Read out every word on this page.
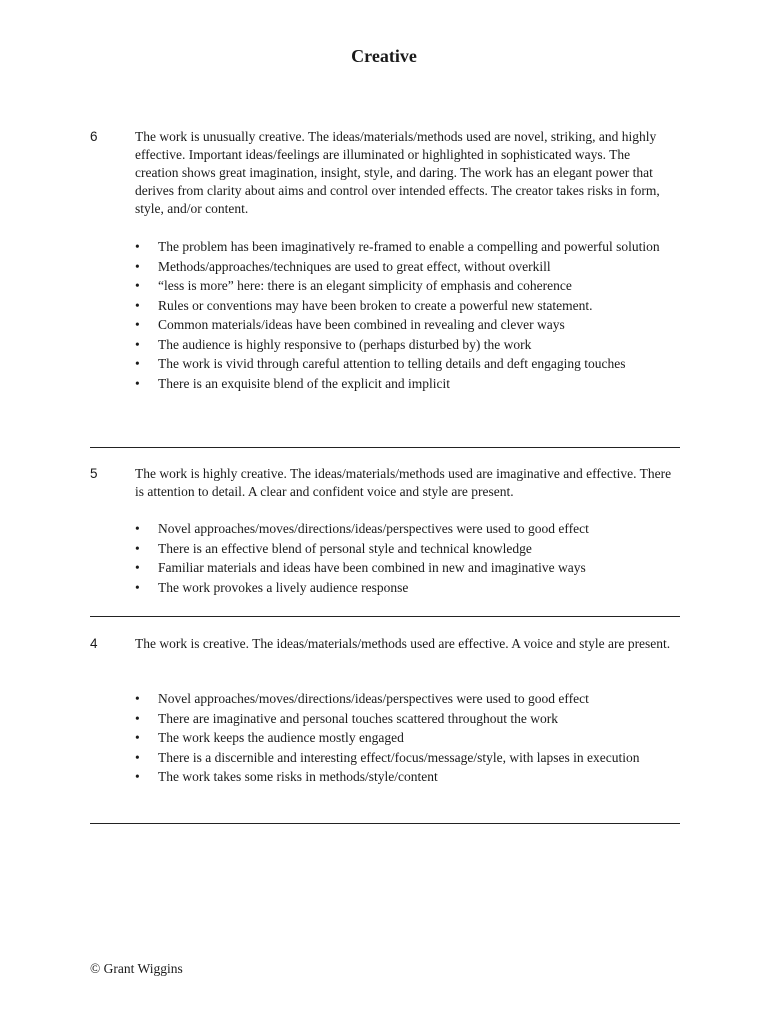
Creative
6	The work is unusually creative. The ideas/materials/methods used are novel, striking, and highly effective. Important ideas/feelings are illuminated or highlighted in sophisticated ways. The creation shows great imagination, insight, style, and daring. The work has an elegant power that derives from clarity about aims and control over intended effects. The creator takes risks in form, style, and/or content.

• The problem has been imaginatively re-framed to enable a compelling and powerful solution
• Methods/approaches/techniques are used to great effect, without overkill
• “less is more” here: there is an elegant simplicity of emphasis and coherence
• Rules or conventions may have been broken to create a powerful new statement.
• Common materials/ideas have been combined in revealing and clever ways
• The audience is highly responsive to (perhaps disturbed by) the work
• The work is vivid through careful attention to telling details and deft engaging touches
• There is an exquisite blend of the explicit and implicit
5	The work is highly creative. The ideas/materials/methods used are imaginative and effective. There is attention to detail. A clear and confident voice and style are present.

• Novel approaches/moves/directions/ideas/perspectives were used to good effect
• There is an effective blend of personal style and technical knowledge
• Familiar materials and ideas have been combined in new and imaginative ways
• The work provokes a lively audience response
4	The work is creative. The ideas/materials/methods used are effective. A voice and style are present.

• Novel approaches/moves/directions/ideas/perspectives were used to good effect
• There are imaginative and personal touches scattered throughout the work
• The work keeps the audience mostly engaged
• There is a discernible and interesting effect/focus/message/style, with lapses in execution
• The work takes some risks in methods/style/content
© Grant Wiggins
